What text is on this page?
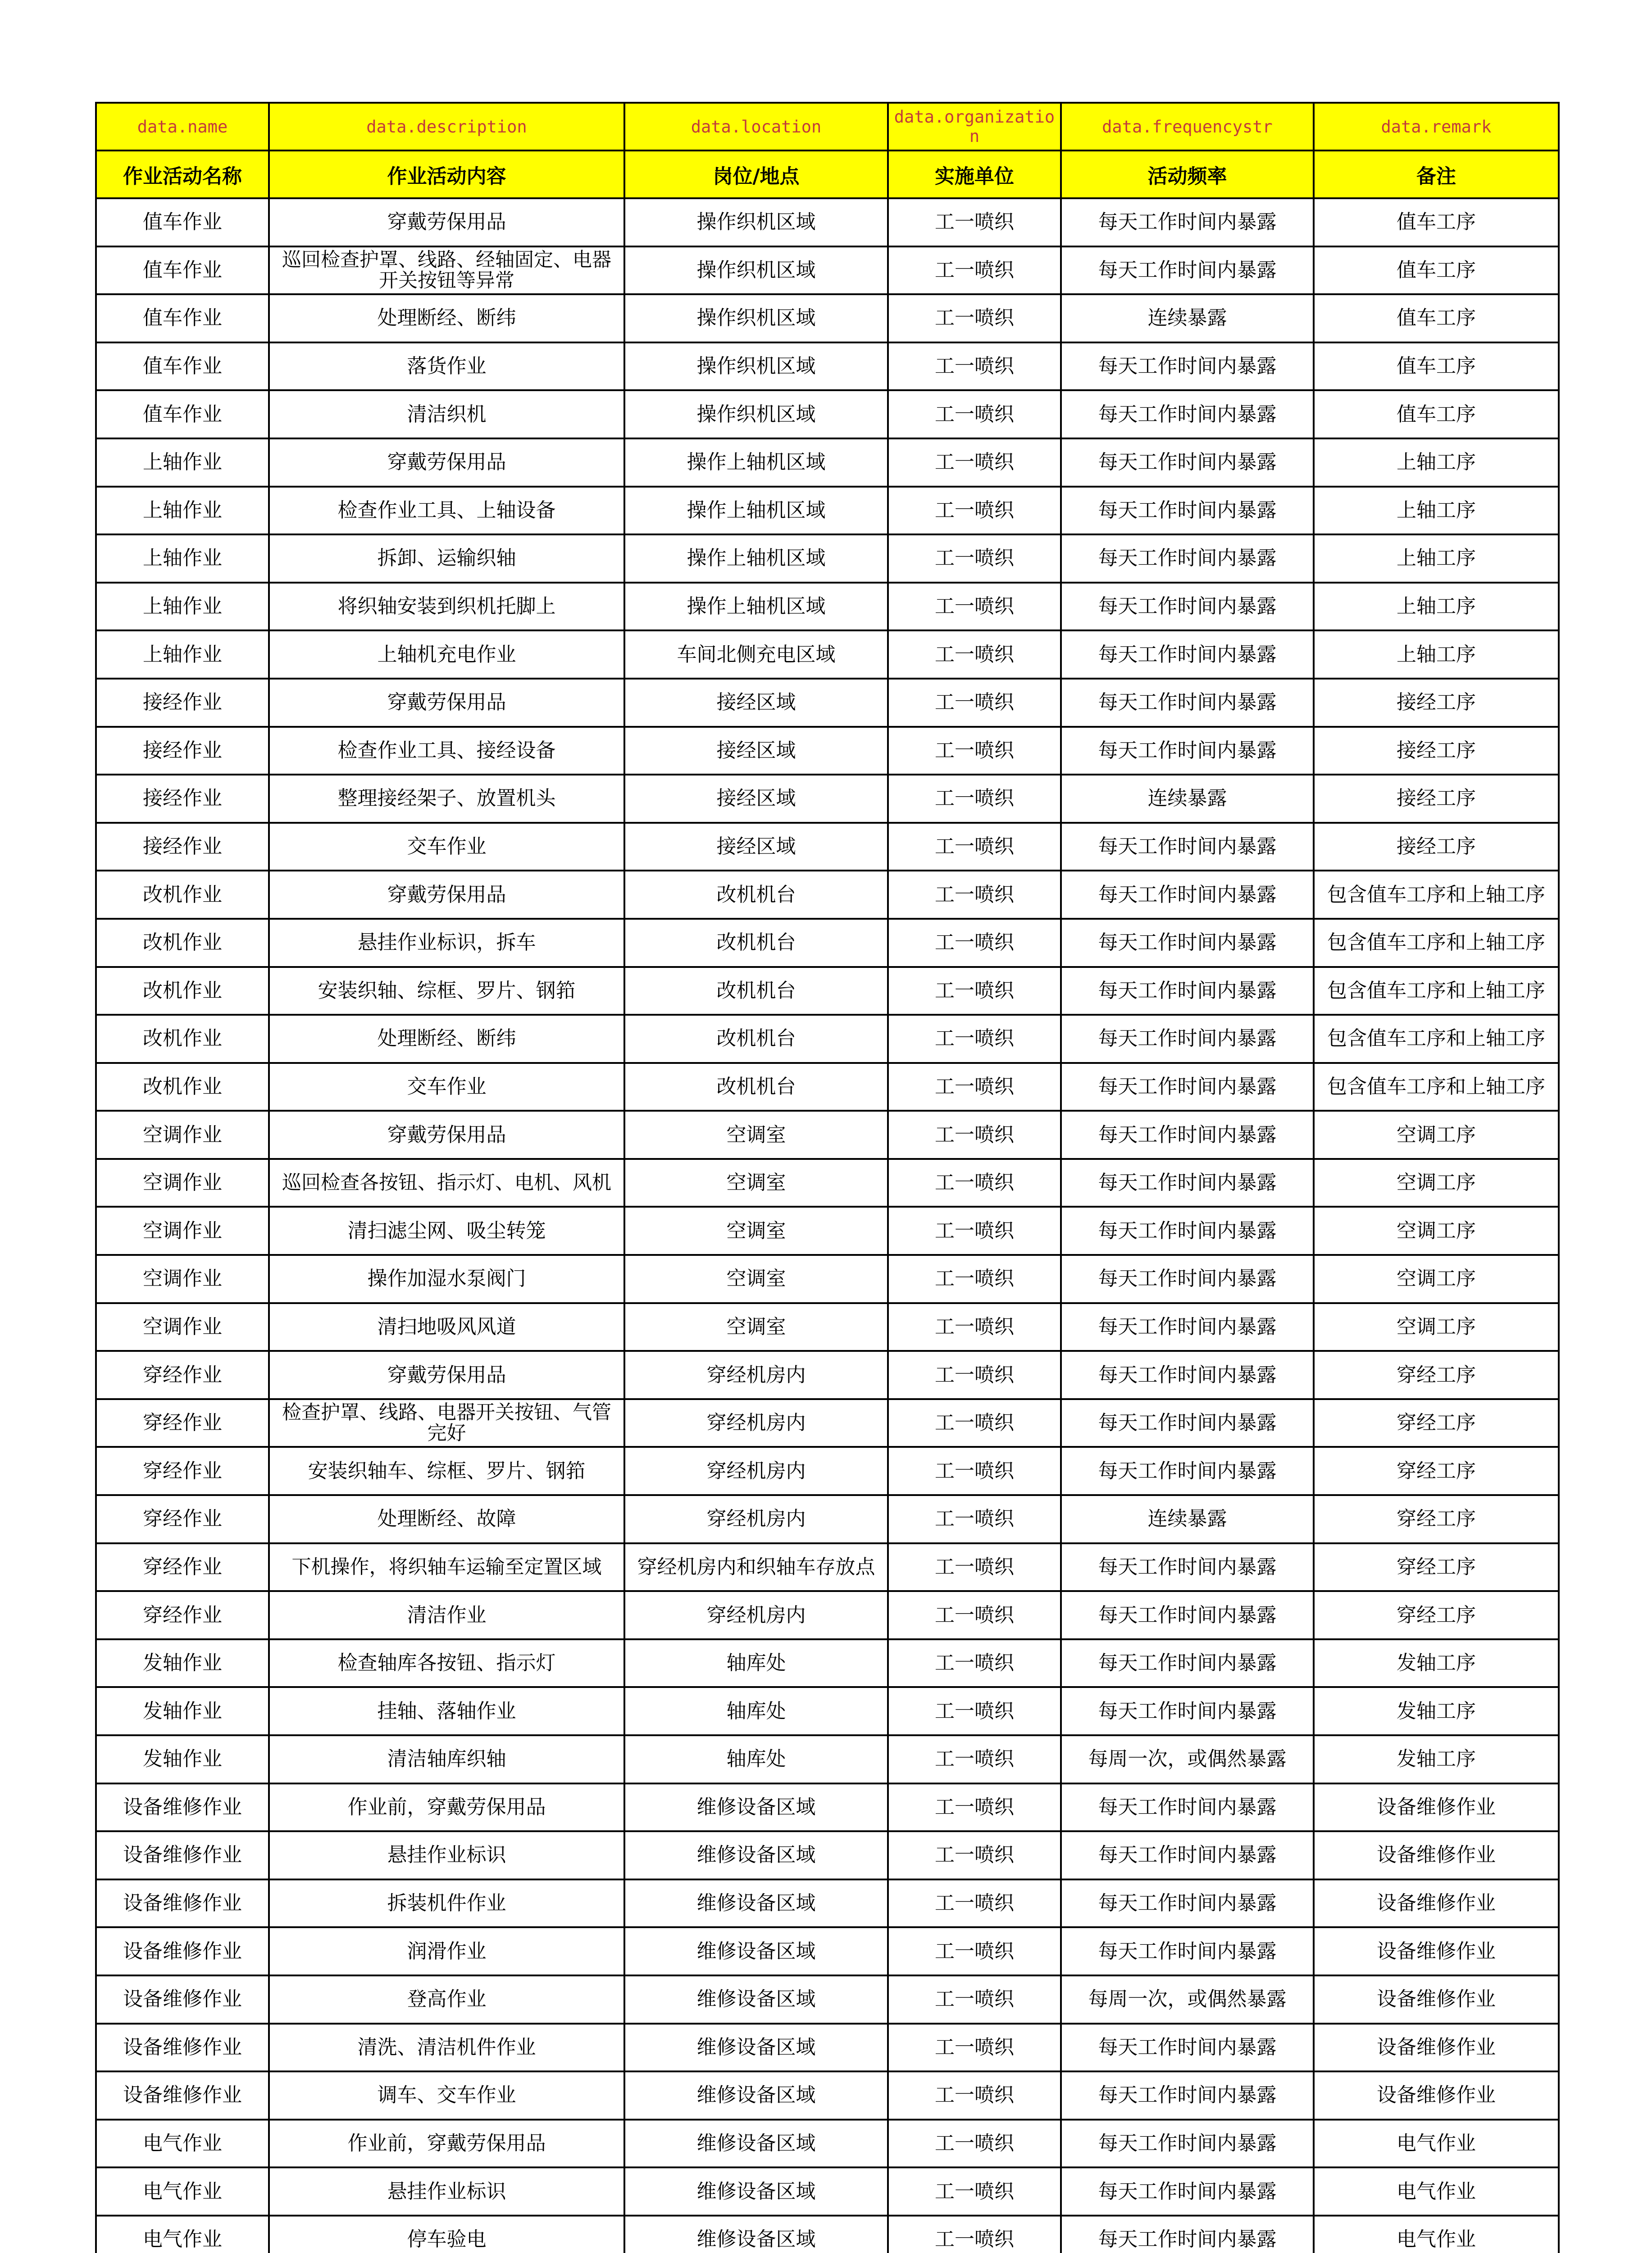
data.name	data.description	data.location	data.organization	data.frequencystr	data.remark
作业活动名称	作业活动内容	岗位/地点	实施单位	活动频率	备注
值车作业	穿戴劳保用品	操作织机区域	工一喷织	每天工作时间内暴露	值车工序
值车作业	巡回检查护罩、线路、经轴固定、电器开关按钮等异常	操作织机区域	工一喷织	每天工作时间内暴露	值车工序
值车作业	处理断经、断纬	操作织机区域	工一喷织	连续暴露	值车工序
值车作业	落货作业	操作织机区域	工一喷织	每天工作时间内暴露	值车工序
值车作业	清洁织机	操作织机区域	工一喷织	每天工作时间内暴露	值车工序
上轴作业	穿戴劳保用品	操作上轴机区域	工一喷织	每天工作时间内暴露	上轴工序
上轴作业	检查作业工具、上轴设备	操作上轴机区域	工一喷织	每天工作时间内暴露	上轴工序
上轴作业	拆卸、运输织轴	操作上轴机区域	工一喷织	每天工作时间内暴露	上轴工序
上轴作业	将织轴安装到织机托脚上	操作上轴机区域	工一喷织	每天工作时间内暴露	上轴工序
上轴作业	上轴机充电作业	车间北侧充电区域	工一喷织	每天工作时间内暴露	上轴工序
接经作业	穿戴劳保用品	接经区域	工一喷织	每天工作时间内暴露	接经工序
接经作业	检查作业工具、接经设备	接经区域	工一喷织	每天工作时间内暴露	接经工序
接经作业	整理接经架子、放置机头	接经区域	工一喷织	连续暴露	接经工序
接经作业	交车作业	接经区域	工一喷织	每天工作时间内暴露	接经工序
改机作业	穿戴劳保用品	改机机台	工一喷织	每天工作时间内暴露	包含值车工序和上轴工序
改机作业	悬挂作业标识，拆车	改机机台	工一喷织	每天工作时间内暴露	包含值车工序和上轴工序
改机作业	安装织轴、综框、罗片、钢筘	改机机台	工一喷织	每天工作时间内暴露	包含值车工序和上轴工序
改机作业	处理断经、断纬	改机机台	工一喷织	每天工作时间内暴露	包含值车工序和上轴工序
改机作业	交车作业	改机机台	工一喷织	每天工作时间内暴露	包含值车工序和上轴工序
空调作业	穿戴劳保用品	空调室	工一喷织	每天工作时间内暴露	空调工序
空调作业	巡回检查各按钮、指示灯、电机、风机	空调室	工一喷织	每天工作时间内暴露	空调工序
空调作业	清扫滤尘网、吸尘转笼	空调室	工一喷织	每天工作时间内暴露	空调工序
空调作业	操作加湿水泵阀门	空调室	工一喷织	每天工作时间内暴露	空调工序
空调作业	清扫地吸风风道	空调室	工一喷织	每天工作时间内暴露	空调工序
穿经作业	穿戴劳保用品	穿经机房内	工一喷织	每天工作时间内暴露	穿经工序
穿经作业	检查护罩、线路、电器开关按钮、气管完好	穿经机房内	工一喷织	每天工作时间内暴露	穿经工序
穿经作业	安装织轴车、综框、罗片、钢筘	穿经机房内	工一喷织	每天工作时间内暴露	穿经工序
穿经作业	处理断经、故障	穿经机房内	工一喷织	连续暴露	穿经工序
穿经作业	下机操作，将织轴车运输至定置区域	穿经机房内和织轴车存放点	工一喷织	每天工作时间内暴露	穿经工序
穿经作业	清洁作业	穿经机房内	工一喷织	每天工作时间内暴露	穿经工序
发轴作业	检查轴库各按钮、指示灯	轴库处	工一喷织	每天工作时间内暴露	发轴工序
发轴作业	挂轴、落轴作业	轴库处	工一喷织	每天工作时间内暴露	发轴工序
发轴作业	清洁轴库织轴	轴库处	工一喷织	每周一次，或偶然暴露	发轴工序
设备维修作业	作业前，穿戴劳保用品	维修设备区域	工一喷织	每天工作时间内暴露	设备维修作业
设备维修作业	悬挂作业标识	维修设备区域	工一喷织	每天工作时间内暴露	设备维修作业
设备维修作业	拆装机件作业	维修设备区域	工一喷织	每天工作时间内暴露	设备维修作业
设备维修作业	润滑作业	维修设备区域	工一喷织	每天工作时间内暴露	设备维修作业
设备维修作业	登高作业	维修设备区域	工一喷织	每周一次，或偶然暴露	设备维修作业
设备维修作业	清洗、清洁机件作业	维修设备区域	工一喷织	每天工作时间内暴露	设备维修作业
设备维修作业	调车、交车作业	维修设备区域	工一喷织	每天工作时间内暴露	设备维修作业
电气作业	作业前，穿戴劳保用品	维修设备区域	工一喷织	每天工作时间内暴露	电气作业
电气作业	悬挂作业标识	维修设备区域	工一喷织	每天工作时间内暴露	电气作业
电气作业	停车验电	维修设备区域	工一喷织	每天工作时间内暴露	电气作业
